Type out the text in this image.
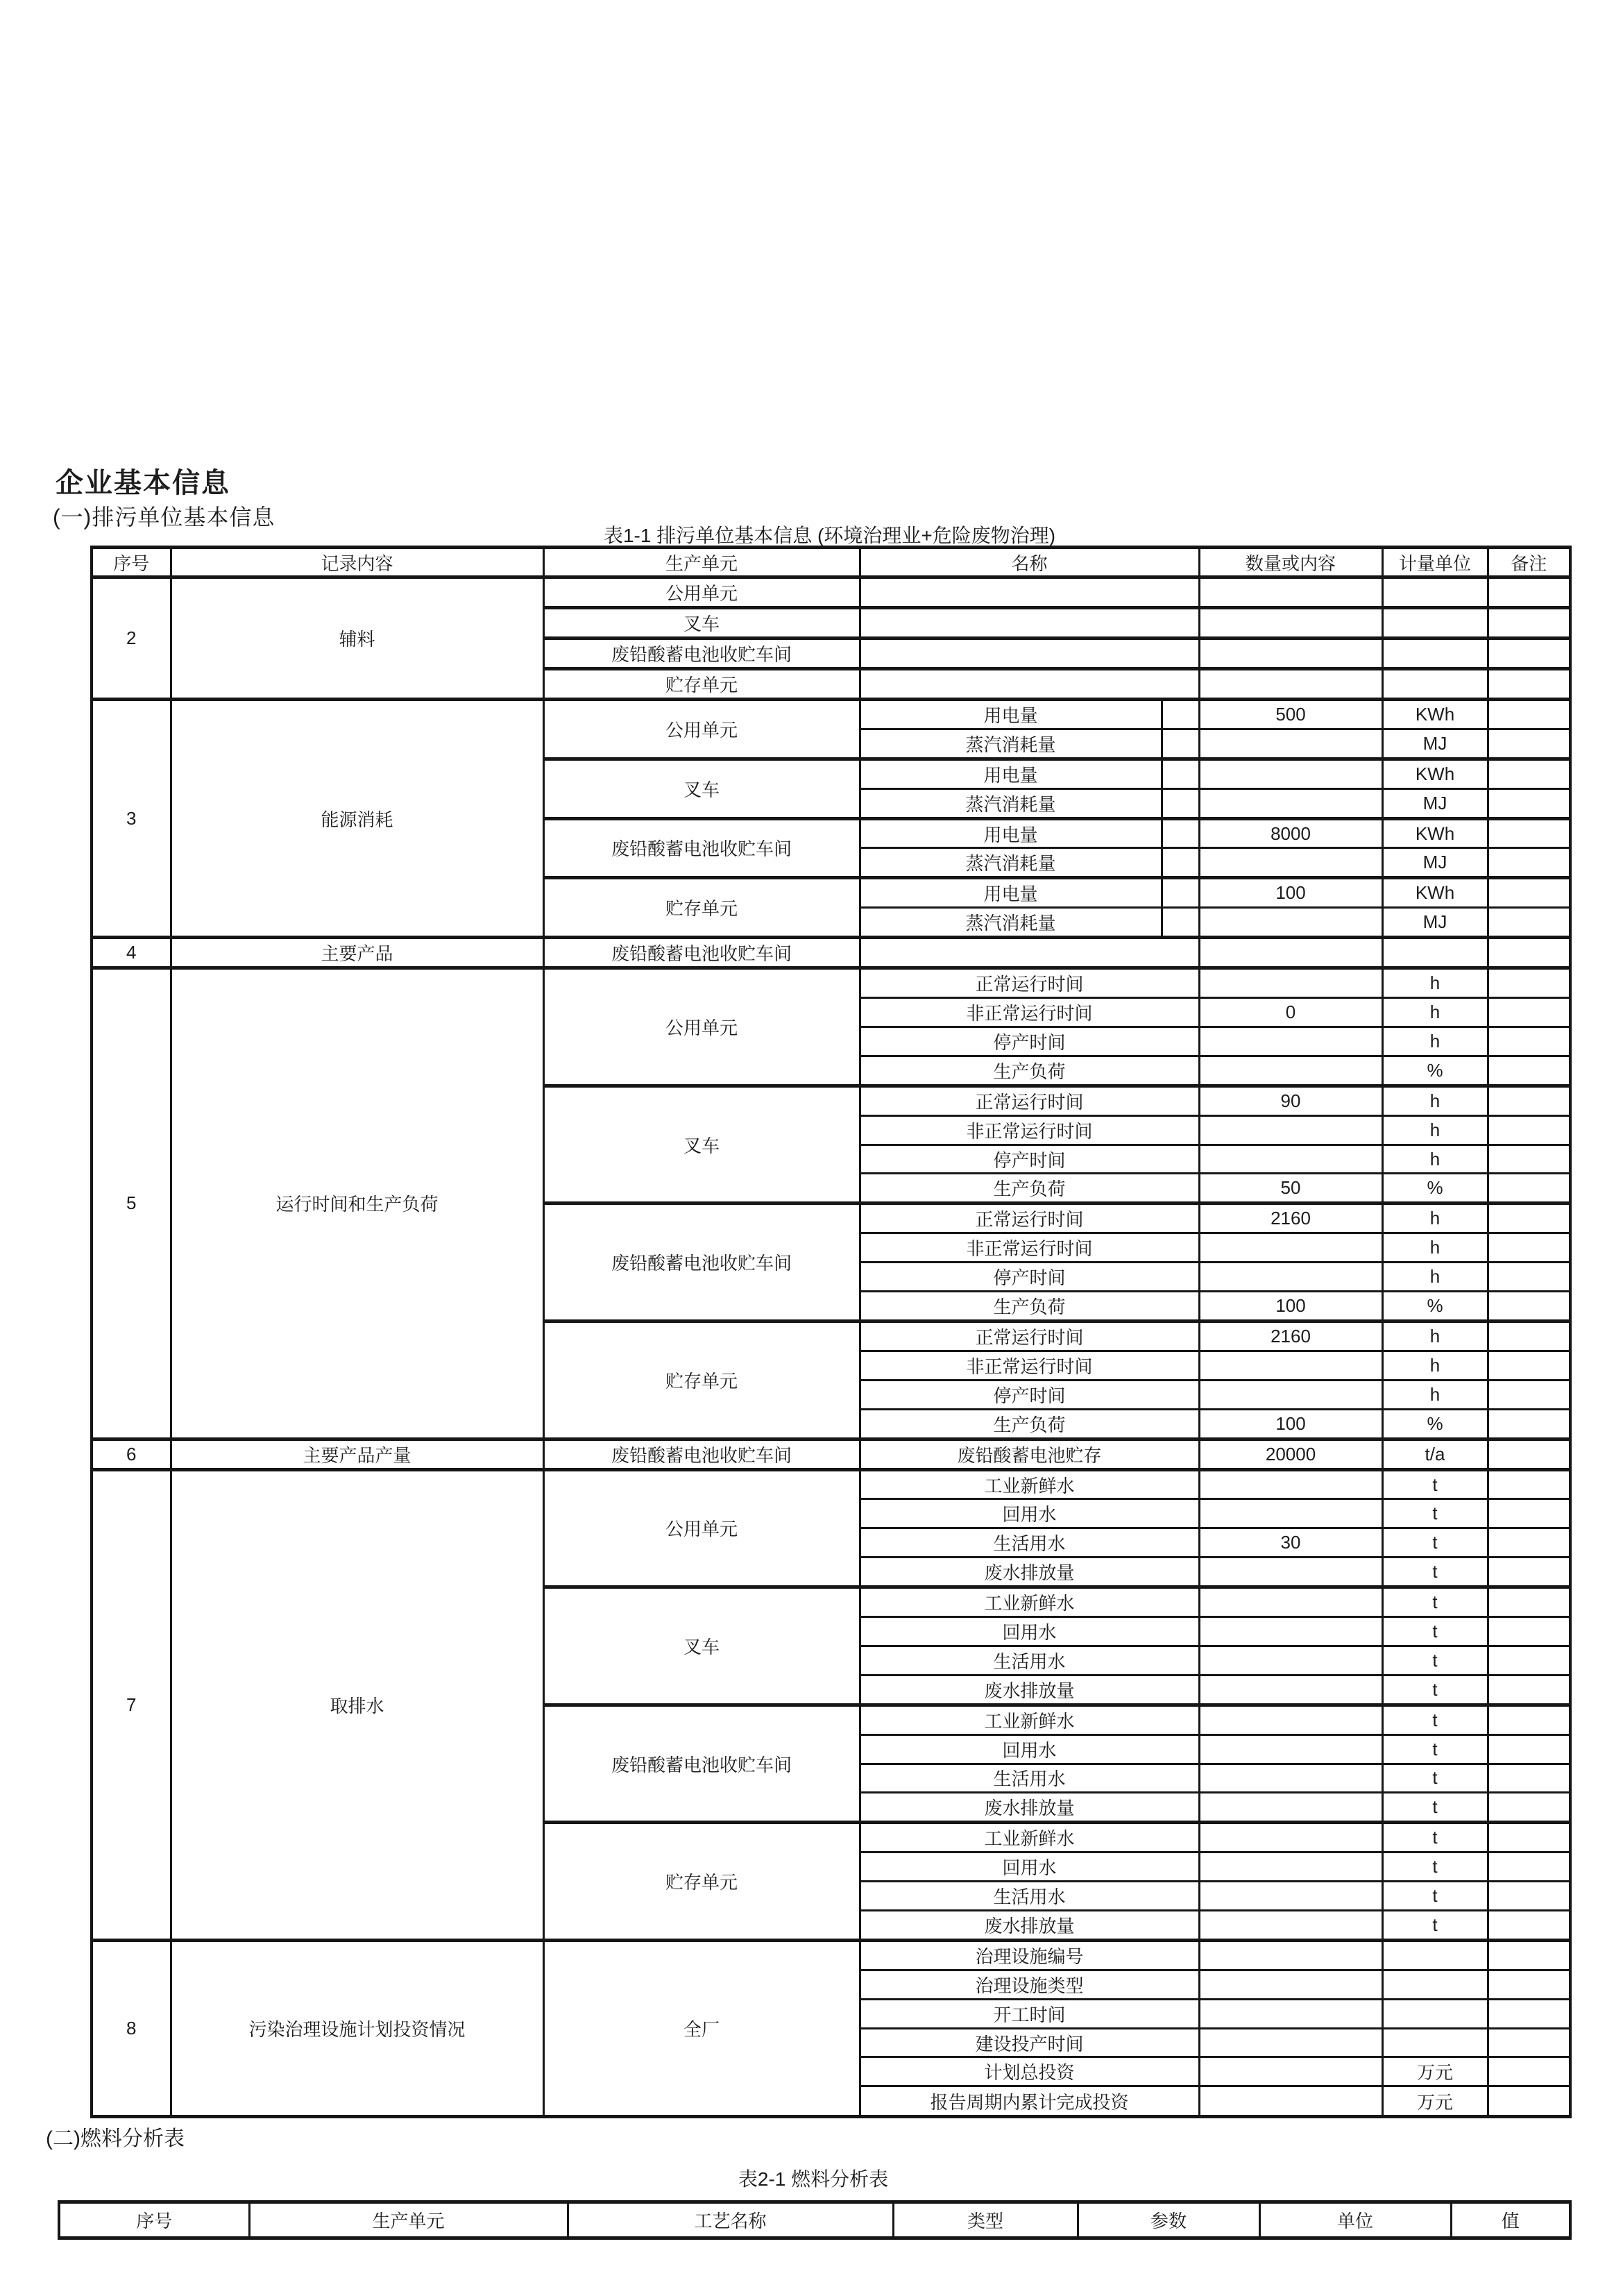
企业基本信息
(一)排污单位基本信息
表1-1 排污单位基本信息 (环境治理业+危险废物治理)
序号	记录内容	生产单元	名称		数量或内容	计量单位	备注
2	辅料	公用单元					
		叉车					
		废铅酸蓄电池收贮车间					
		贮存单元					
3	能源消耗	公用单元	用电量		500	KWh	
			蒸汽消耗量			MJ	
		叉车	用电量			KWh	
			蒸汽消耗量			MJ	
		废铅酸蓄电池收贮车间	用电量		8000	KWh	
			蒸汽消耗量			MJ	
		贮存单元	用电量		100	KWh	
			蒸汽消耗量			MJ	
4	主要产品	废铅酸蓄电池收贮车间					
5	运行时间和生产负荷	公用单元	正常运行时间			h	
			非正常运行时间		0	h	
			停产时间			h	
			生产负荷			%	
		叉车	正常运行时间		90	h	
			非正常运行时间			h	
			停产时间			h	
			生产负荷		50	%	
		废铅酸蓄电池收贮车间	正常运行时间		2160	h	
			非正常运行时间			h	
			停产时间			h	
			生产负荷		100	%	
		贮存单元	正常运行时间		2160	h	
			非正常运行时间			h	
			停产时间			h	
			生产负荷		100	%	
6	主要产品产量	废铅酸蓄电池收贮车间	废铅酸蓄电池贮存		20000	t/a	
7	取排水	公用单元	工业新鲜水			t	
			回用水			t	
			生活用水		30	t	
			废水排放量			t	
		叉车	工业新鲜水			t	
			回用水			t	
			生活用水			t	
			废水排放量			t	
		废铅酸蓄电池收贮车间	工业新鲜水			t	
			回用水			t	
			生活用水			t	
			废水排放量			t	
		贮存单元	工业新鲜水			t	
			回用水			t	
			生活用水			t	
			废水排放量			t	
8	污染治理设施计划投资情况	全厂	治理设施编号				
			治理设施类型				
			开工时间				
			建设投产时间				
			计划总投资			万元	
			报告周期内累计完成投资			万元	
(二)燃料分析表
表2-1 燃料分析表
序号	生产单元	工艺名称	类型	参数	单位	值
